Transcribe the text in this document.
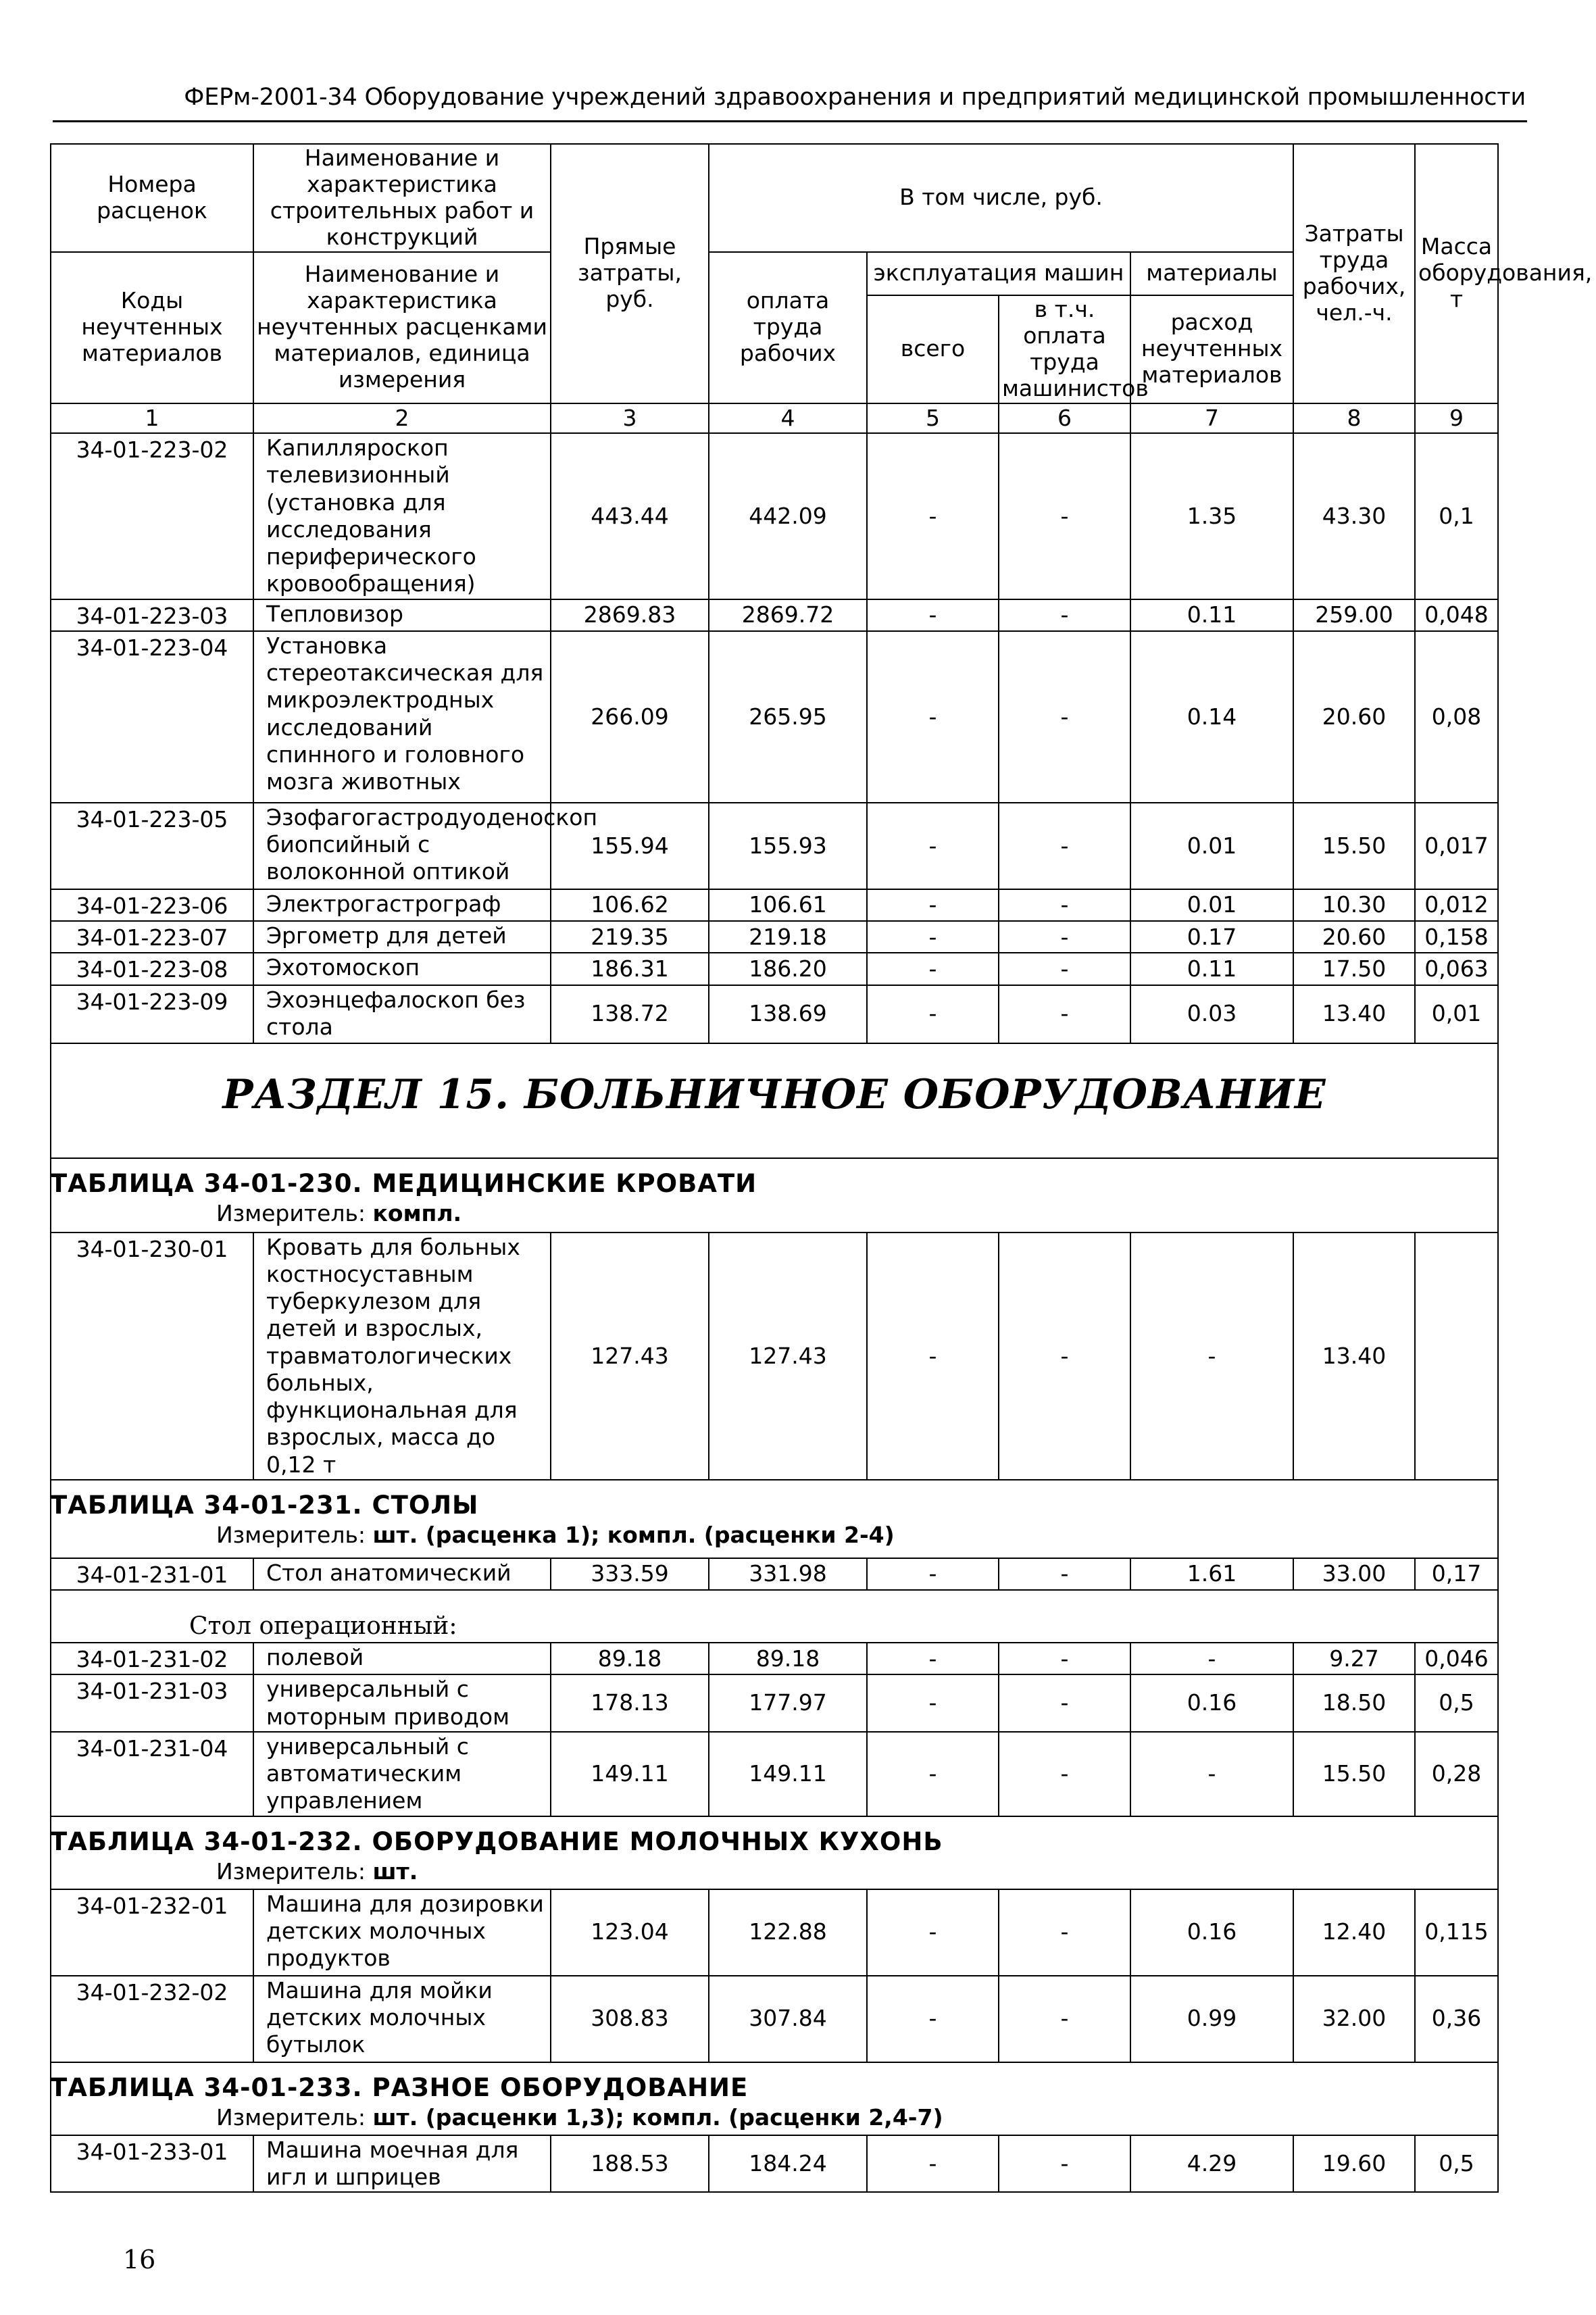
ФЕРм-2001-34 Оборудование учреждений здравоохранения и предприятий медицинской промышленности
Номера расценок	Наименование и характеристика строительных работ и конструкций	Прямые затраты, руб.	В том числе, руб.				Затраты труда рабочих, чел.-ч.	Масса оборудования, т
Коды неучтенных материалов	Наименование и характеристика неучтенных расценками материалов, единица измерения		оплата труда рабочих	эксплуатация машин		материалы		
				всего	в т.ч. оплата труда машинистов	расход неучтенных материалов		
1	2	3	4	5	6	7	8	9
34-01-223-02	Капилляроскоп телевизионный (установка для исследования периферического кровообращения)	443.44	442.09	-	-	1.35	43.30	0,1
34-01-223-03	Тепловизор	2869.83	2869.72	-	-	0.11	259.00	0,048
34-01-223-04	Установка стереотаксическая для микроэлектродных исследований спинного и головного мозга животных	266.09	265.95	-	-	0.14	20.60	0,08
34-01-223-05	Эзофагогастродуоденоскоп биопсийный с волоконной оптикой	155.94	155.93	-	-	0.01	15.50	0,017
34-01-223-06	Электрогастрограф	106.62	106.61	-	-	0.01	10.30	0,012
34-01-223-07	Эргометр для детей	219.35	219.18	-	-	0.17	20.60	0,158
34-01-223-08	Эхотомоскоп	186.31	186.20	-	-	0.11	17.50	0,063
34-01-223-09	Эхоэнцефалоскоп без стола	138.72	138.69	-	-	0.03	13.40	0,01

РАЗДЕЛ 15. БОЛЬНИЧНОЕ ОБОРУДОВАНИЕ								

ТАБЛИЦА 34-01-230. МЕДИЦИНСКИЕ КРОВАТИ
Измеритель: компл.								

34-01-230-01	Кровать для больных костносуставным туберкулезом для детей и взрослых, травматологических больных, функциональная для взрослых, масса до 0,12 т	127.43	127.43	-	-	-	13.40	

ТАБЛИЦА 34-01-231. СТОЛЫ
Измеритель: шт. (расценка 1); компл. (расценки 2-4)								

34-01-231-01	Стол анатомический	333.59	331.98	-	-	1.61	33.00	0,17

Стол операционный:								

34-01-231-02	полевой	89.18	89.18	-	-	-	9.27	0,046
34-01-231-03	универсальный с моторным приводом	178.13	177.97	-	-	0.16	18.50	0,5
34-01-231-04	универсальный с автоматическим управлением	149.11	149.11	-	-	-	15.50	0,28

ТАБЛИЦА 34-01-232. ОБОРУДОВАНИЕ МОЛОЧНЫХ КУХОНЬ
Измеритель: шт.								

34-01-232-01	Машина для дозировки детских молочных продуктов	123.04	122.88	-	-	0.16	12.40	0,115
34-01-232-02	Машина для мойки детских молочных бутылок	308.83	307.84	-	-	0.99	32.00	0,36

ТАБЛИЦА 34-01-233. РАЗНОЕ ОБОРУДОВАНИЕ
Измеритель: шт. (расценки 1,3); компл. (расценки 2,4-7)								

34-01-233-01	Машина моечная для игл и шприцев	188.53	184.24	-	-	4.29	19.60	0,5
16
